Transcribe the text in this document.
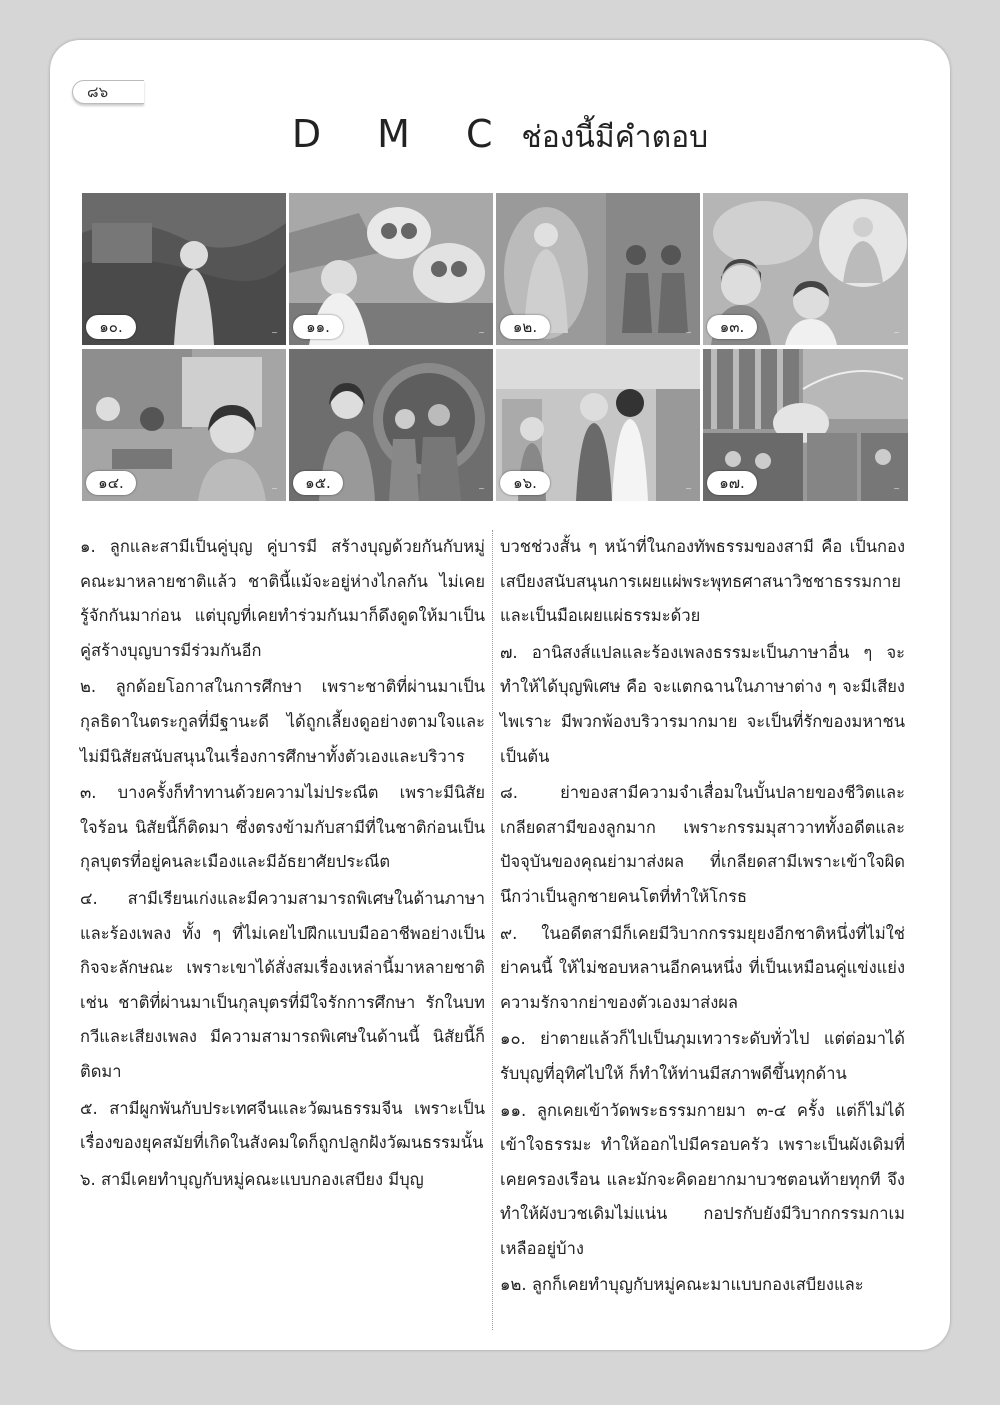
๘๖
D M C ช่องนี้มีคำตอบ
๑๐.	~	๑๑.	~	๑๒.	~	๑๓.	~
๑๔.	~	๑๕.	~	๑๖.	~	๑๗.	~

๑. ลูกและสามีเป็นคู่บุญ คู่บารมี สร้างบุญด้วยกันกับหมู่คณะมาหลายชาติแล้ว ชาตินี้แม้จะอยู่ห่างไกลกัน ไม่เคยรู้จักกันมาก่อน แต่บุญที่เคยทำร่วมกันมาก็ดึงดูดให้มาเป็นคู่สร้างบุญบารมีร่วมกันอีก

๒. ลูกด้อยโอกาสในการศึกษา เพราะชาติที่ผ่านมาเป็นกุลธิดาในตระกูลที่มีฐานะดี ได้ถูกเลี้ยงดูอย่างตามใจและไม่มีนิสัยสนับสนุนในเรื่องการศึกษาทั้งตัวเองและบริวาร

๓. บางครั้งก็ทำทานด้วยความไม่ประณีต เพราะมีนิสัยใจร้อน นิสัยนี้ก็ติดมา ซึ่งตรงข้ามกับสามีที่ในชาติก่อนเป็นกุลบุตรที่อยู่คนละเมืองและมีอัธยาศัยประณีต

๔. สามีเรียนเก่งและมีความสามารถพิเศษในด้านภาษาและร้องเพลง ทั้ง ๆ ที่ไม่เคยไปฝึกแบบมืออาชีพอย่างเป็นกิจจะลักษณะ เพราะเขาได้สั่งสมเรื่องเหล่านี้มาหลายชาติ เช่น ชาติที่ผ่านมาเป็นกุลบุตรที่มีใจรักการศึกษา รักในบทกวีและเสียงเพลง มีความสามารถพิเศษในด้านนี้ นิสัยนี้ก็ติดมา

๕. สามีผูกพันกับประเทศจีนและวัฒนธรรมจีน เพราะเป็นเรื่องของยุคสมัยที่เกิดในสังคมใดก็ถูกปลูกฝังวัฒนธรรมนั้น

๖. สามีเคยทำบุญกับหมู่คณะแบบกองเสบียง มีบุญ

บวชช่วงสั้น ๆ หน้าที่ในกองทัพธรรมของสามี คือ เป็นกองเสบียงสนับสนุนการเผยแผ่พระพุทธศาสนาวิชชาธรรมกาย และเป็นมือเผยแผ่ธรรมะด้วย

๗. อานิสงส์แปลและร้องเพลงธรรมะเป็นภาษาอื่น ๆ จะทำให้ได้บุญพิเศษ คือ จะแตกฉานในภาษาต่าง ๆ จะมีเสียงไพเราะ มีพวกพ้องบริวารมากมาย จะเป็นที่รักของมหาชน เป็นต้น

๘. ย่าของสามีความจำเสื่อมในบั้นปลายของชีวิตและเกลียดสามีของลูกมาก เพราะกรรมมุสาวาททั้งอดีตและปัจจุบันของคุณย่ามาส่งผล ที่เกลียดสามีเพราะเข้าใจผิดนึกว่าเป็นลูกชายคนโตที่ทำให้โกรธ

๙. ในอดีตสามีก็เคยมีวิบากกรรมยุยงอีกชาติหนึ่งที่ไม่ใช่ย่าคนนี้ ให้ไม่ชอบหลานอีกคนหนึ่ง ที่เป็นเหมือนคู่แข่งแย่งความรักจากย่าของตัวเองมาส่งผล

๑๐. ย่าตายแล้วก็ไปเป็นภุมเทวาระดับทั่วไป แต่ต่อมาได้รับบุญที่อุทิศไปให้ ก็ทำให้ท่านมีสภาพดีขึ้นทุกด้าน

๑๑. ลูกเคยเข้าวัดพระธรรมกายมา ๓-๔ ครั้ง แต่ก็ไม่ได้เข้าใจธรรมะ ทำให้ออกไปมีครอบครัว เพราะเป็นผังเดิมที่เคยครองเรือน และมักจะคิดอยากมาบวชตอนท้ายทุกที จึงทำให้ผังบวชเดิมไม่แน่น กอปรกับยังมีวิบากกรรมกาเมเหลืออยู่บ้าง

๑๒. ลูกก็เคยทำบุญกับหมู่คณะมาแบบกองเสบียงและ
